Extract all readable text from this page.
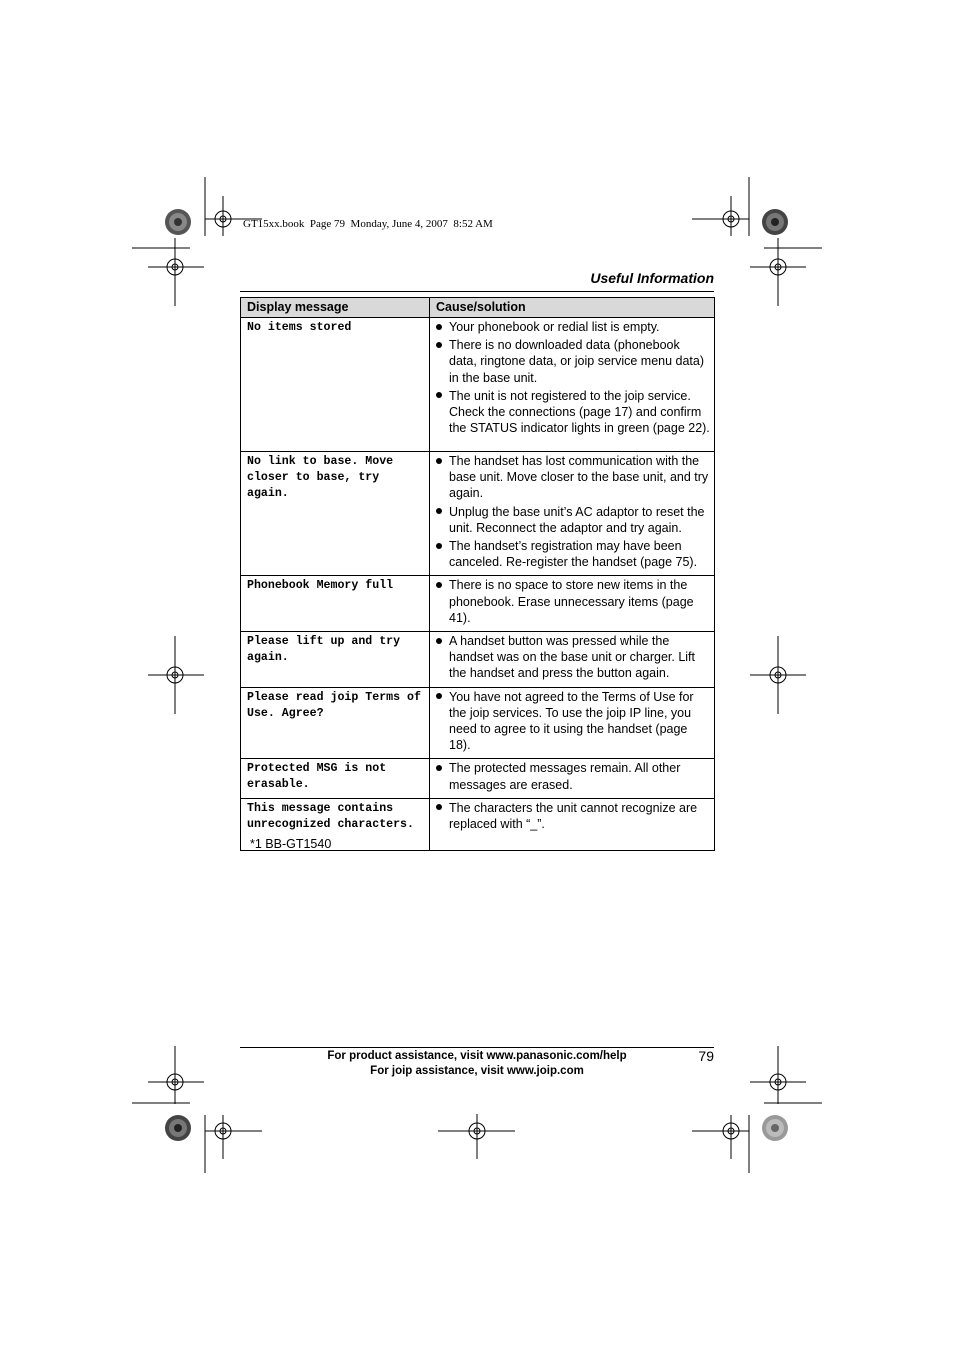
GT15xx.book  Page 79  Monday, June 4, 2007  8:52 AM
Useful Information
Display message	Cause/solution
No items stored	Your phonebook or redial list is empty.
There is no downloaded data (phonebook data, ringtone data, or joip service menu data) in the base unit.
The unit is not registered to the joip service. Check the connections (page 17) and confirm the STATUS indicator lights in green (page 22).

No link to base. Move closer to base, try again.	The handset has lost communication with the base unit. Move closer to the base unit, and try again.
Unplug the base unit’s AC adaptor to reset the unit. Reconnect the adaptor and try again.
The handset’s registration may have been canceled. Re-register the handset (page 75).

Phonebook Memory full	There is no space to store new items in the phonebook. Erase unnecessary items (page 41).

Please lift up and try again.	A handset button was pressed while the handset was on the base unit or charger. Lift the handset and press the button again.

Please read joip Terms of Use. Agree?	You have not agreed to the Terms of Use for the joip services. To use the joip IP line, you need to agree to it using the handset (page 18).

Protected MSG is not erasable.	The protected messages remain. All other messages are erased.

This message contains unrecognized characters.	The characters the unit cannot recognize are replaced with “_”.
*1 BB-GT1540
For product assistance, visit www.panasonic.com/help
For joip assistance, visit www.joip.com
79
